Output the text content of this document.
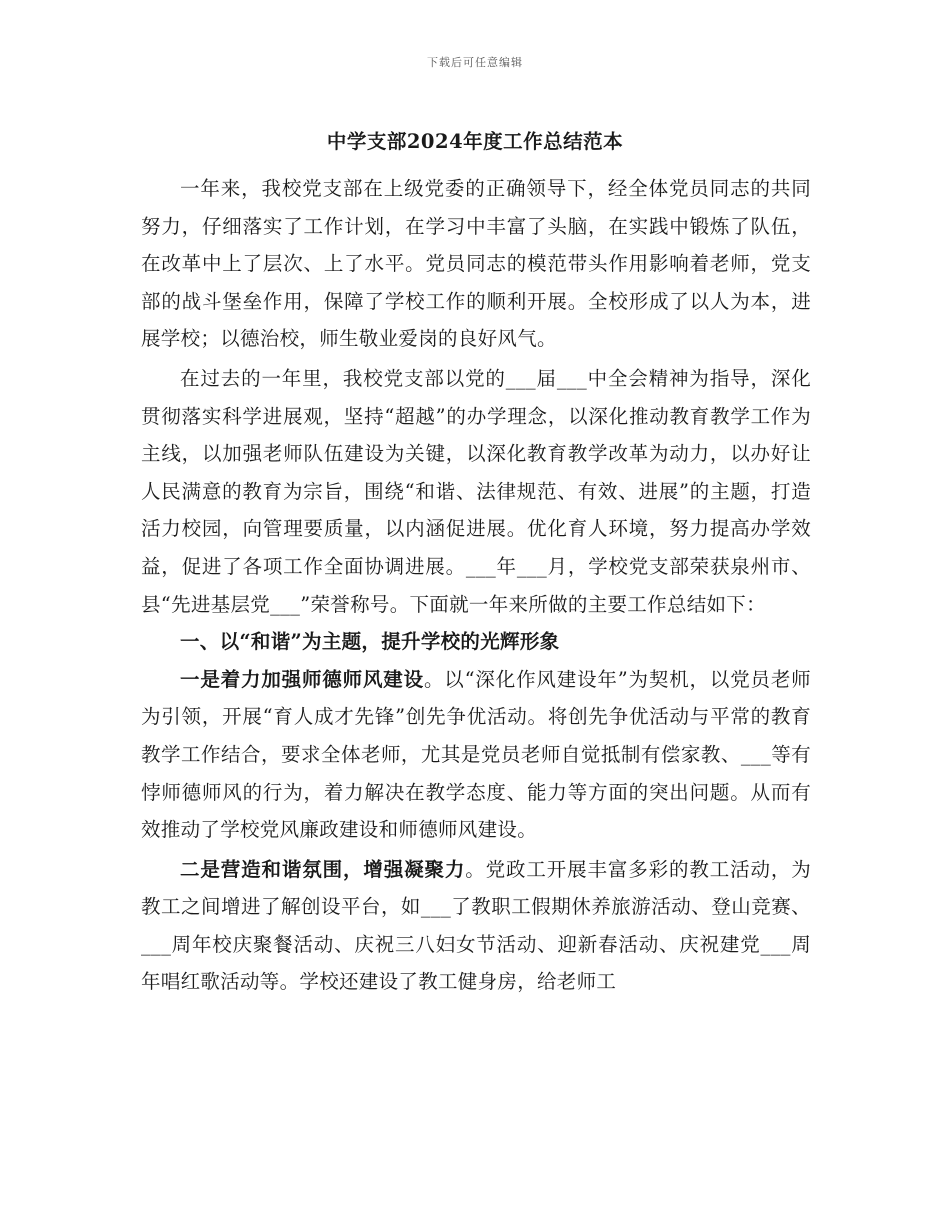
下载后可任意编辑
中学支部2024年度工作总结范本

一年来，我校党支部在上级党委的正确领导下，经全体党员同志的共同努力，仔细落实了工作计划，在学习中丰富了头脑，在实践中锻炼了队伍，在改革中上了层次、上了水平。党员同志的模范带头作用影响着老师，党支部的战斗堡垒作用，保障了学校工作的顺利开展。全校形成了以人为本，进展学校；以德治校，师生敬业爱岗的良好风气。

在过去的一年里，我校党支部以党的___届___中全会精神为指导，深化贯彻落实科学进展观，坚持“超越”的办学理念，以深化推动教育教学工作为主线，以加强老师队伍建设为关键，以深化教育教学改革为动力，以办好让人民满意的教育为宗旨，围绕“和谐、法律规范、有效、进展”的主题，打造活力校园，向管理要质量，以内涵促进展。优化育人环境，努力提高办学效益，促进了各项工作全面协调进展。___年___月，学校党支部荣获泉州市、县“先进基层党___”荣誉称号。下面就一年来所做的主要工作总结如下：

一、以“和谐”为主题，提升学校的光辉形象

一是着力加强师德师风建设。以“深化作风建设年”为契机，以党员老师为引领，开展“育人成才先锋”创先争优活动。将创先争优活动与平常的教育教学工作结合，要求全体老师，尤其是党员老师自觉抵制有偿家教、___等有悖师德师风的行为，着力解决在教学态度、能力等方面的突出问题。从而有效推动了学校党风廉政建设和师德师风建设。

二是营造和谐氛围，增强凝聚力。党政工开展丰富多彩的教工活动，为教工之间增进了解创设平台，如___了教职工假期休养旅游活动、登山竞赛、___周年校庆聚餐活动、庆祝三八妇女节活动、迎新春活动、庆祝建党___周年唱红歌活动等。学校还建设了教工健身房，给老师工
